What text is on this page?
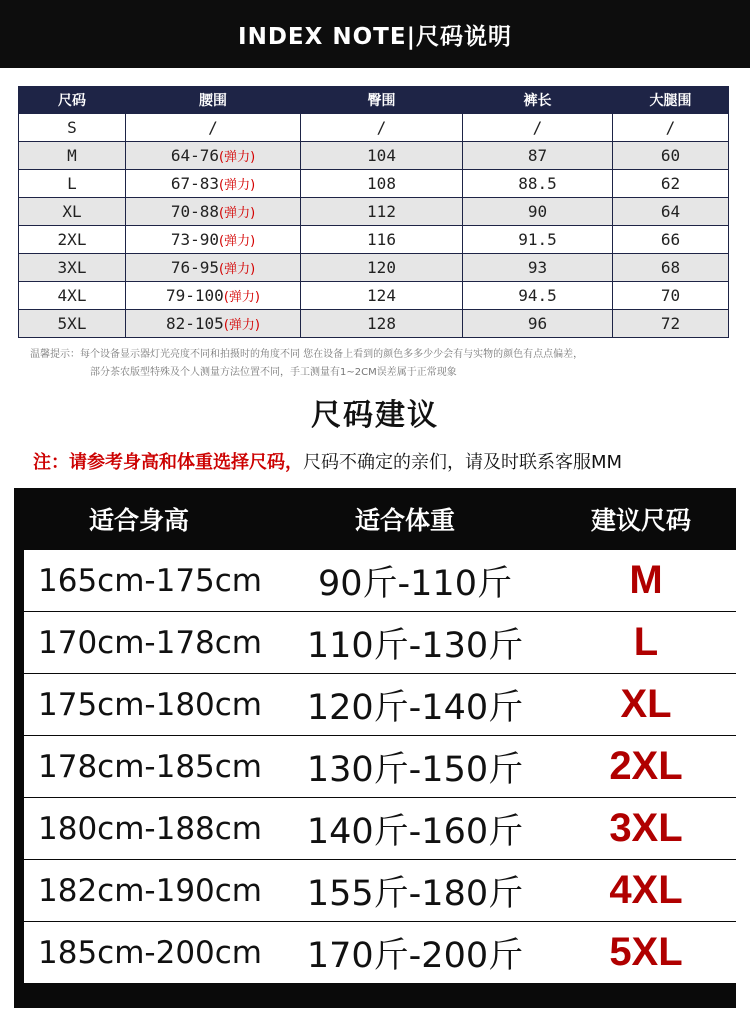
INDEX NOTE|尺码说明
尺码	腰围	臀围	裤长	大腿围
S	/	/	/	/
M	64-76(弹力)	104	87	60
L	67-83(弹力)	108	88.5	62
XL	70-88(弹力)	112	90	64
2XL	73-90(弹力)	116	91.5	66
3XL	76-95(弹力)	120	93	68
4XL	79-100(弹力)	124	94.5	70
5XL	82-105(弹力)	128	96	72
温馨提示：每个设备显示器灯光亮度不同和拍摄时的角度不同 您在设备上看到的颜色多多少少会有与实物的颜色有点点偏差，
部分茶农版型特殊及个人测量方法位置不同，手工测量有1~2CM误差属于正常现象
尺码建议
注：请参考身高和体重选择尺码，尺码不确定的亲们，请及时联系客服MM
适合身高	适合体重	建议尺码
165cm-175cm	90斤-110斤	M
170cm-178cm	110斤-130斤	L
175cm-180cm	120斤-140斤	XL
178cm-185cm	130斤-150斤	2XL
180cm-188cm	140斤-160斤	3XL
182cm-190cm	155斤-180斤	4XL
185cm-200cm	170斤-200斤	5XL
